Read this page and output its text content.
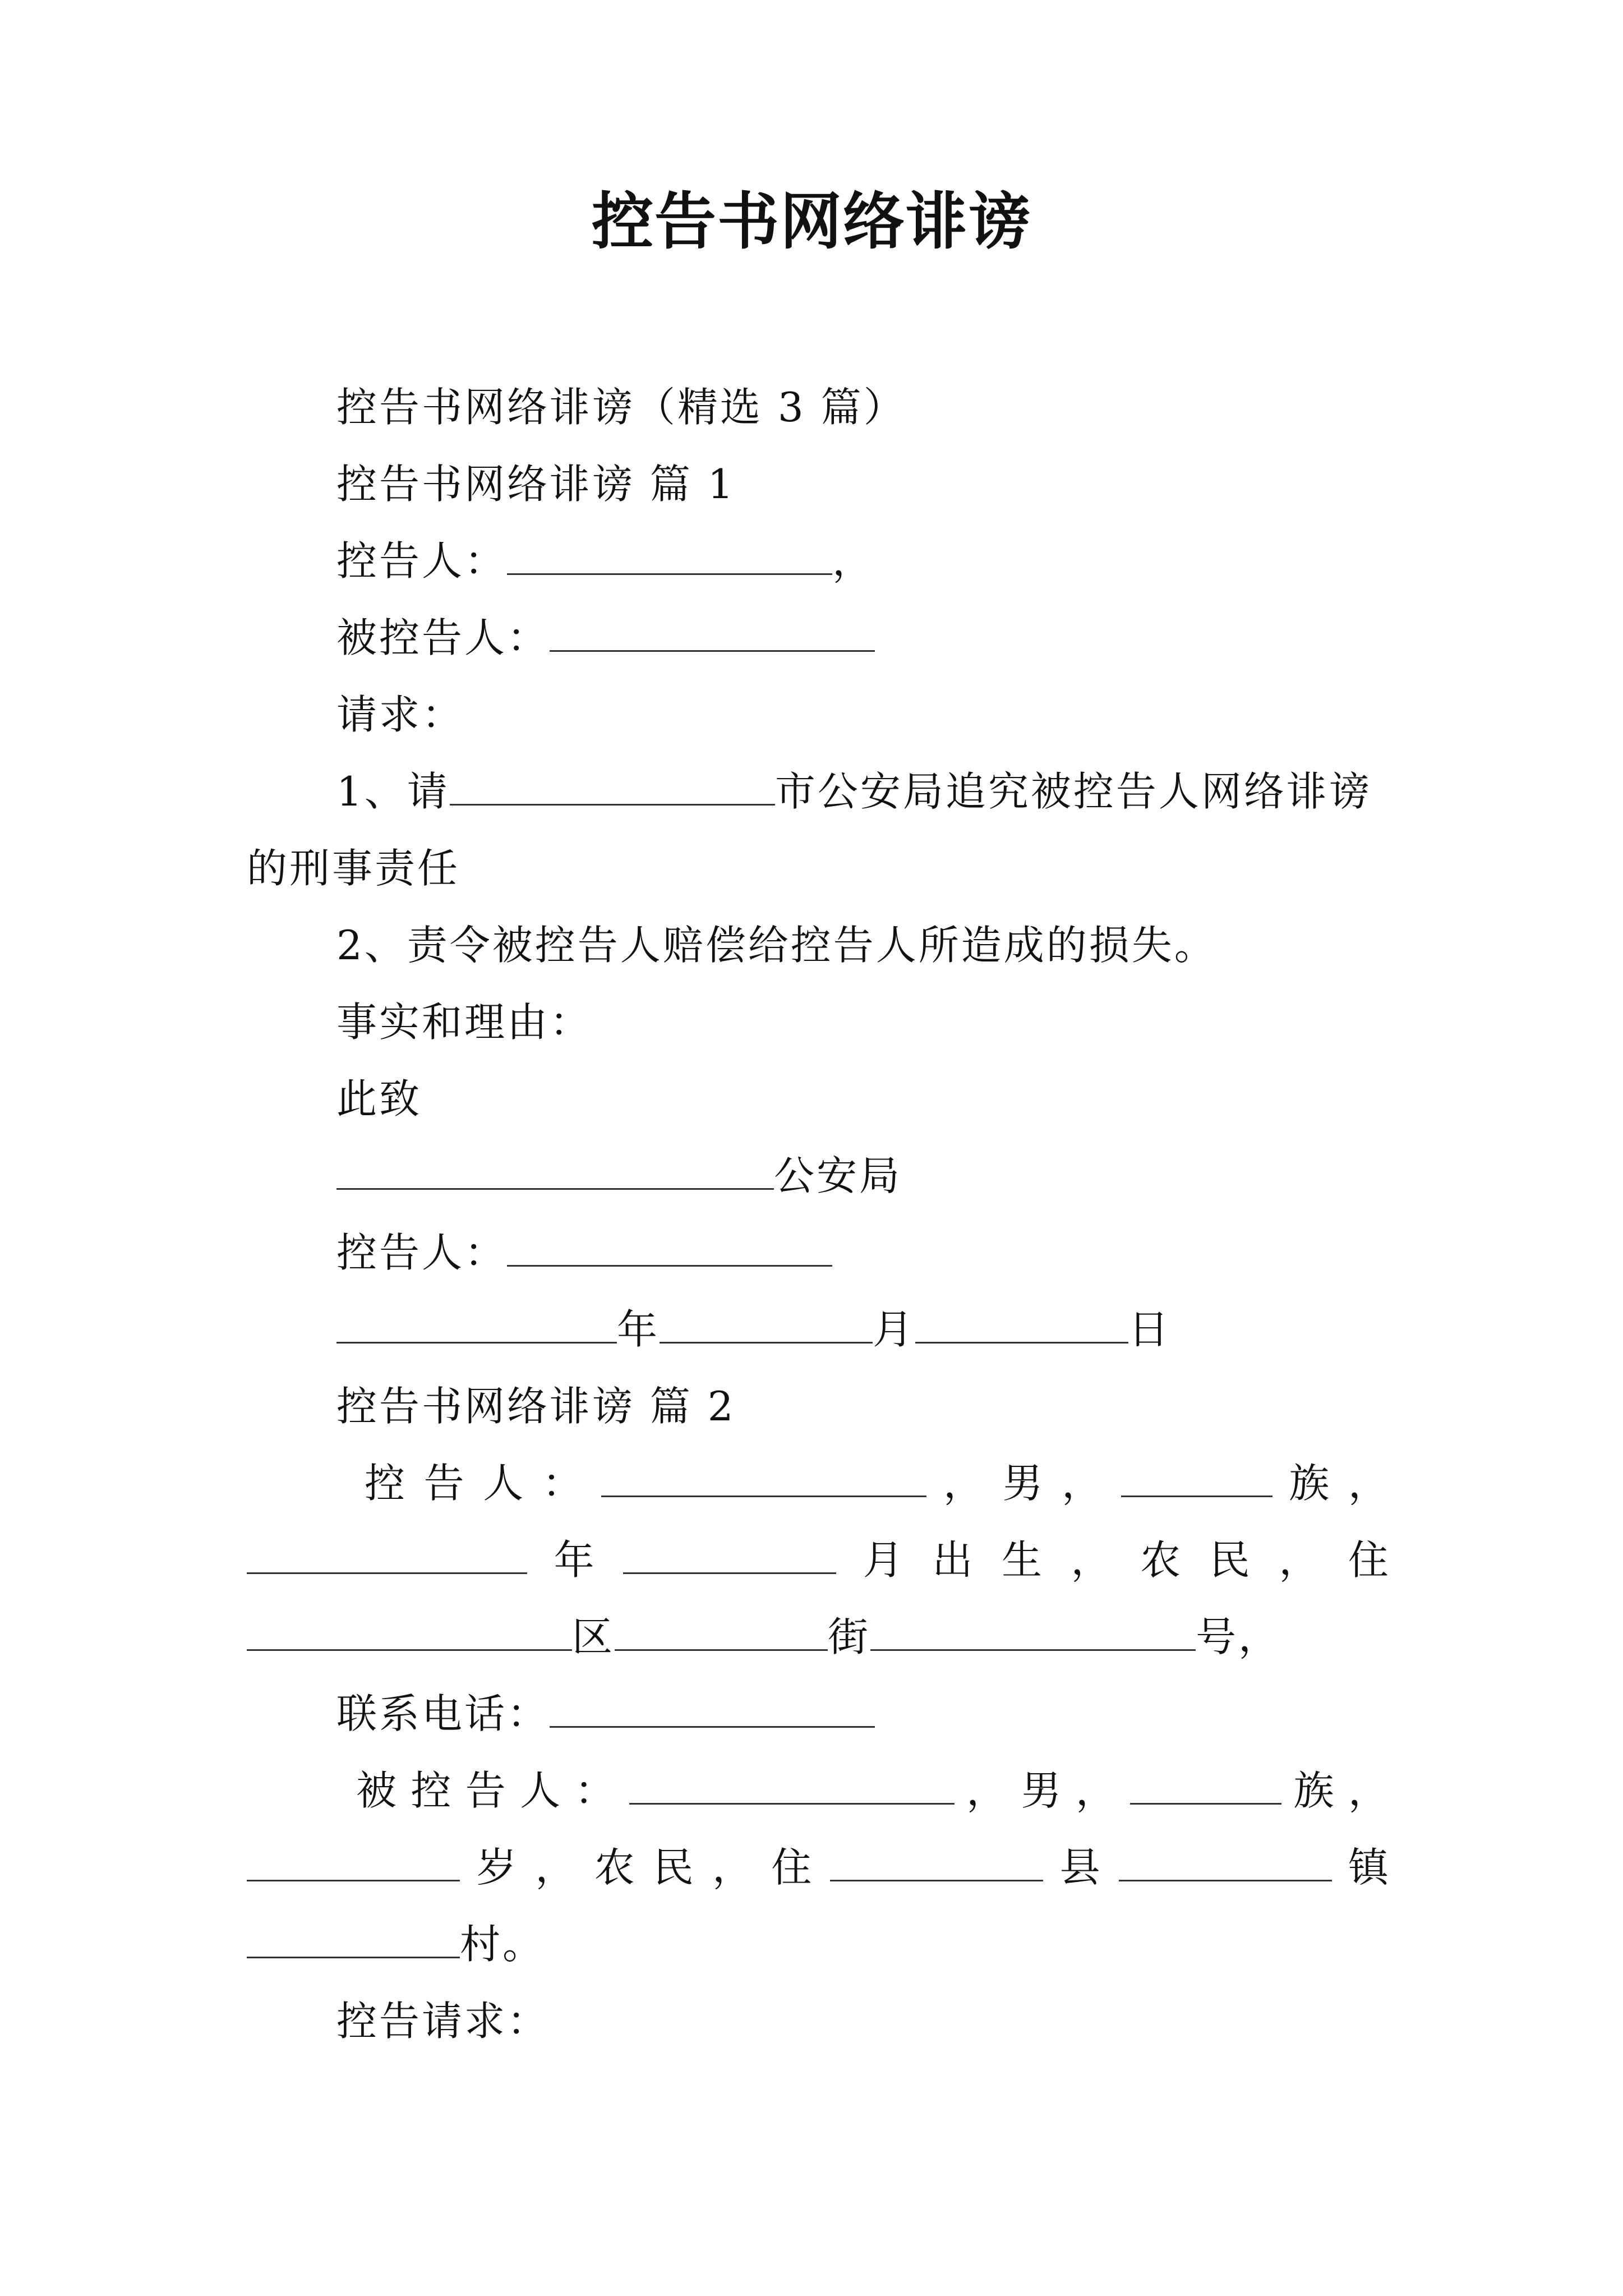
控告书网络诽谤
控告书网络诽谤（精选 3 篇）
控告书网络诽谤 篇 1
控告人：	，
被控告人：
请求：
1、请	市公安局追究被控告人网络诽谤
的刑事责任
2、责令被控告人赔偿给控告人所造成的损失。
事实和理由：
此致
公安局
控告人：
年	月	日
控告书网络诽谤 篇 2
控 告 人 ：	， 男 ，	族 ，
年	月 出 生 ， 农 民 ， 住
区	街	号，
联系电话：
被 控 告 人 ：	， 男 ，	族 ，
岁 ， 农 民 ， 住	县	镇
村。
控告请求：
